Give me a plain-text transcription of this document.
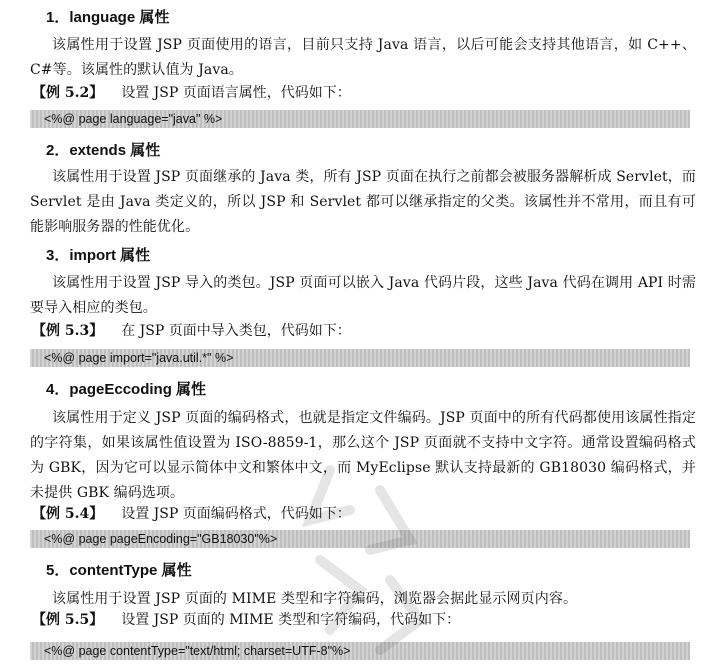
1．language 属性

该属性用于设置 JSP 页面使用的语言，目前只支持 Java 语言，以后可能会支持其他语言，如 C++、C#等。该属性的默认值为 Java。

【例 5.2】 设置 JSP 页面语言属性，代码如下：
<%@ page language="java" %>
2．extends 属性

该属性用于设置 JSP 页面继承的 Java 类，所有 JSP 页面在执行之前都会被服务器解析成 Servlet，而 Servlet 是由 Java 类定义的，所以 JSP 和 Servlet 都可以继承指定的父类。该属性并不常用，而且有可能影响服务器的性能优化。

3．import 属性

该属性用于设置 JSP 导入的类包。JSP 页面可以嵌入 Java 代码片段，这些 Java 代码在调用 API 时需要导入相应的类包。

【例 5.3】 在 JSP 页面中导入类包，代码如下：
<%@ page import="java.util.*" %>
4．pageEccoding 属性

该属性用于定义 JSP 页面的编码格式，也就是指定文件编码。JSP 页面中的所有代码都使用该属性指定的字符集，如果该属性值设置为 ISO-8859-1，那么这个 JSP 页面就不支持中文字符。通常设置编码格式为 GBK，因为它可以显示简体中文和繁体中文，而 MyEclipse 默认支持最新的 GB18030 编码格式，并未提供 GBK 编码选项。

【例 5.4】 设置 JSP 页面编码格式，代码如下：
<%@ page pageEncoding="GB18030"%>
5．contentType 属性

该属性用于设置 JSP 页面的 MIME 类型和字符编码，浏览器会据此显示网页内容。

【例 5.5】 设置 JSP 页面的 MIME 类型和字符编码，代码如下：
<%@ page contentType="text/html; charset=UTF-8"%>
